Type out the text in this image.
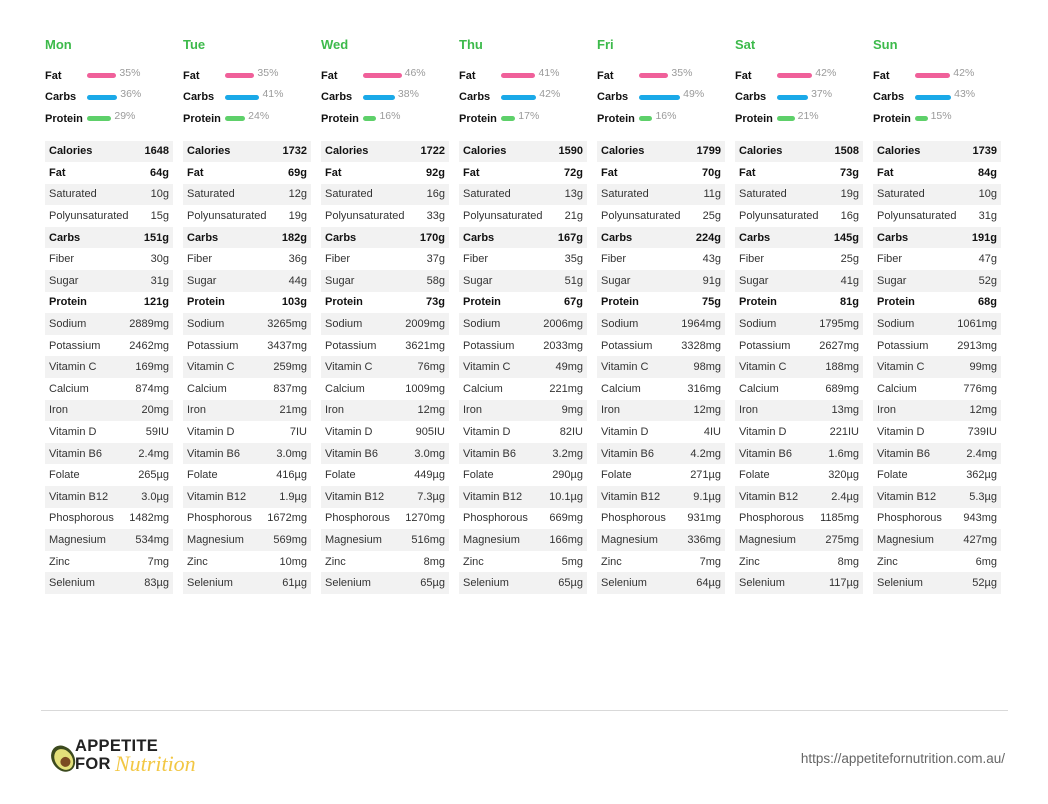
Mon
Fat	35%
Carbs	36%
Protein	29%
Calories	1648
Fat	64g
Saturated	10g
Polyunsaturated 15g
Carbs	151g
Fiber	30g
Sugar	31g
Protein	121g
Sodium	2889mg
Potassium	2462mg
Vitamin C	169mg
Calcium	874mg
Iron	20mg
Vitamin D	59IU
Vitamin B6	2.4mg
Folate	265µg
Vitamin B12	3.0µg
Phosphorous 1482mg
Magnesium	534mg
Zinc	7mg
Selenium	83µg
Tue
Fat	35%
Carbs	41%
Protein	24%
Calories	1732
Fat	69g
Saturated	12g
Polyunsaturated 19g
Carbs	182g
Fiber	36g
Sugar	44g
Protein	103g
Sodium	3265mg
Potassium	3437mg
Vitamin C	259mg
Calcium	837mg
Iron	21mg
Vitamin D	7IU
Vitamin B6	3.0mg
Folate	416µg
Vitamin B12	1.9µg
Phosphorous 1672mg
Magnesium	569mg
Zinc	10mg
Selenium	61µg
Wed
Fat	46%
Carbs	38%
Protein	16%
Calories	1722
Fat	92g
Saturated	16g
Polyunsaturated 33g
Carbs	170g
Fiber	37g
Sugar	58g
Protein	73g
Sodium	2009mg
Potassium	3621mg
Vitamin C	76mg
Calcium	1009mg
Iron	12mg
Vitamin D	905IU
Vitamin B6	3.0mg
Folate	449µg
Vitamin B12	7.3µg
Phosphorous 1270mg
Magnesium	516mg
Zinc	8mg
Selenium	65µg
Thu
Fat	41%
Carbs	42%
Protein	17%
Calories	1590
Fat	72g
Saturated	13g
Polyunsaturated 21g
Carbs	167g
Fiber	35g
Sugar	51g
Protein	67g
Sodium	2006mg
Potassium	2033mg
Vitamin C	49mg
Calcium	221mg
Iron	9mg
Vitamin D	82IU
Vitamin B6	3.2mg
Folate	290µg
Vitamin B12 10.1µg
Phosphorous 669mg
Magnesium	166mg
Zinc	5mg
Selenium	65µg
Fri
Fat	35%
Carbs	49%
Protein	16%
Calories	1799
Fat	70g
Saturated	11g
Polyunsaturated 25g
Carbs	224g
Fiber	43g
Sugar	91g
Protein	75g
Sodium	1964mg
Potassium	3328mg
Vitamin C	98mg
Calcium	316mg
Iron	12mg
Vitamin D	4IU
Vitamin B6	4.2mg
Folate	271µg
Vitamin B12	9.1µg
Phosphorous 931mg
Magnesium	336mg
Zinc	7mg
Selenium	64µg
Sat
Fat	42%
Carbs	37%
Protein	21%
Calories	1508
Fat	73g
Saturated	19g
Polyunsaturated 16g
Carbs	145g
Fiber	25g
Sugar	41g
Protein	81g
Sodium	1795mg
Potassium	2627mg
Vitamin C	188mg
Calcium	689mg
Iron	13mg
Vitamin D	221IU
Vitamin B6	1.6mg
Folate	320µg
Vitamin B12	2.4µg
Phosphorous 1185mg
Magnesium	275mg
Zinc	8mg
Selenium	117µg
Sun
Fat	42%
Carbs	43%
Protein	15%
Calories	1739
Fat	84g
Saturated	10g
Polyunsaturated 31g
Carbs	191g
Fiber	47g
Sugar	52g
Protein	68g
Sodium	1061mg
Potassium	2913mg
Vitamin C	99mg
Calcium	776mg
Iron	12mg
Vitamin D	739IU
Vitamin B6	2.4mg
Folate	362µg
Vitamin B12	5.3µg
Phosphorous 943mg
Magnesium	427mg
Zinc	6mg
Selenium	52µg
APPETITE
FOR Nutrition	https://appetitefornutrition.com.au/
